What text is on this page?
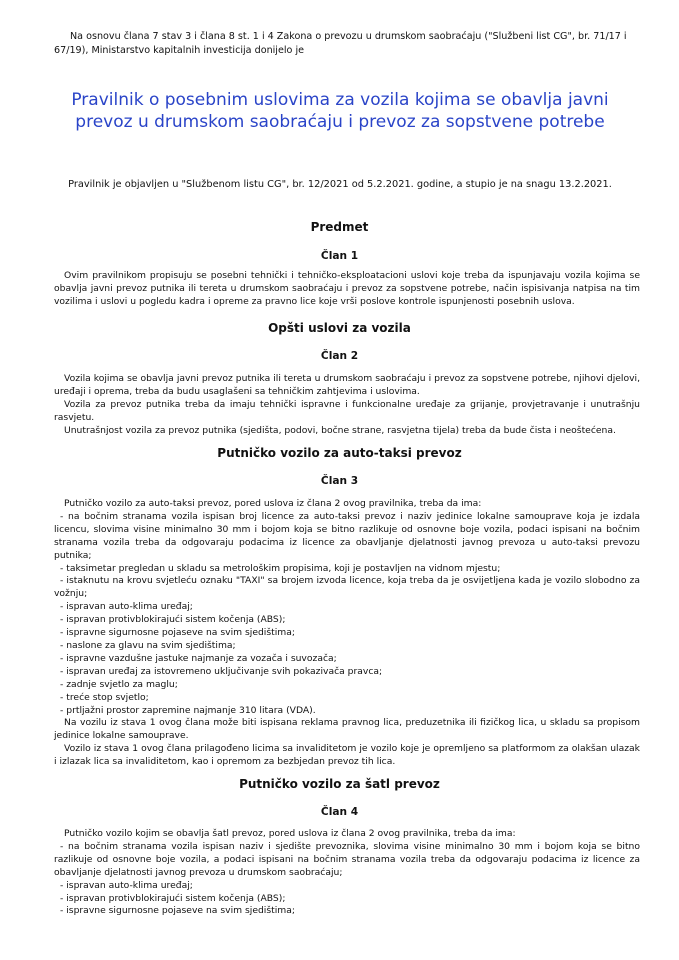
Na osnovu člana 7 stav 3 i člana 8 st. 1 i 4 Zakona o prevozu u drumskom saobraćaju ("Službeni list CG", br. 71/17 i 67/19), Ministarstvo kapitalnih investicija donijelo je

Pravilnik o posebnim uslovima za vozila kojima se obavlja javni
prevoz u drumskom saobraćaju i prevoz za sopstvene potrebe
Pravilnik je objavljen u "Službenom listu CG", br. 12/2021 od 5.2.2021. godine, a stupio je na snagu 13.2.2021.
Predmet
Član 1

Ovim pravilnikom propisuju se posebni tehnički i tehničko-eksploatacioni uslovi koje treba da ispunjavaju vozila kojima se obavlja javni prevoz putnika ili tereta u drumskom saobraćaju i prevoz za sopstvene potrebe, način ispisivanja natpisa na tim vozilima i uslovi u pogledu kadra i opreme za pravno lice koje vrši poslove kontrole ispunjenosti posebnih uslova.

Opšti uslovi za vozila
Član 2

Vozila kojima se obavlja javni prevoz putnika ili tereta u drumskom saobraćaju i prevoz za sopstvene potrebe, njihovi djelovi, uređaji i oprema, treba da budu usaglašeni sa tehničkim zahtjevima i uslovima.

Vozila za prevoz putnika treba da imaju tehnički ispravne i funkcionalne uređaje za grijanje, provjetravanje i unutrašnju rasvjetu.

Unutrašnjost vozila za prevoz putnika (sjedišta, podovi, bočne strane, rasvjetna tijela) treba da bude čista i neoštećena.

Putničko vozilo za auto-taksi prevoz
Član 3

Putničko vozilo za auto-taksi prevoz, pored uslova iz člana 2 ovog pravilnika, treba da ima:

- na bočnim stranama vozila ispisan broj licence za auto-taksi prevoz i naziv jedinice lokalne samouprave koja je izdala licencu, slovima visine minimalno 30 mm i bojom koja se bitno razlikuje od osnovne boje vozila, podaci ispisani na bočnim stranama vozila treba da odgovaraju podacima iz licence za obavljanje djelatnosti javnog prevoza u auto-taksi prevozu putnika;

- taksimetar pregledan u skladu sa metrološkim propisima, koji je postavljen na vidnom mjestu;

- istaknutu na krovu svjetleću oznaku "TAXI" sa brojem izvoda licence, koja treba da je osvijetljena kada je vozilo slobodno za vožnju;

- ispravan auto-klima uređaj;

- ispravan protivblokirajući sistem kočenja (ABS);

- ispravne sigurnosne pojaseve na svim sjedištima;

- naslone za glavu na svim sjedištima;

- ispravne vazdušne jastuke najmanje za vozača i suvozača;

- ispravan uređaj za istovremeno uključivanje svih pokazivača pravca;

- zadnje svjetlo za maglu;

- treće stop svjetlo;

- prtljažni prostor zapremine najmanje 310 litara (VDA).

Na vozilu iz stava 1 ovog člana može biti ispisana reklama pravnog lica, preduzetnika ili fizičkog lica, u skladu sa propisom jedinice lokalne samouprave.

Vozilo iz stava 1 ovog člana prilagođeno licima sa invaliditetom je vozilo koje je opremljeno sa platformom za olakšan ulazak i izlazak lica sa invaliditetom, kao i opremom za bezbjedan prevoz tih lica.

Putničko vozilo za šatl prevoz
Član 4

Putničko vozilo kojim se obavlja šatl prevoz, pored uslova iz člana 2 ovog pravilnika, treba da ima:

- na bočnim stranama vozila ispisan naziv i sjedište prevoznika, slovima visine minimalno 30 mm i bojom koja se bitno razlikuje od osnovne boje vozila, a podaci ispisani na bočnim stranama vozila treba da odgovaraju podacima iz licence za obavljanje djelatnosti javnog prevoza u drumskom saobraćaju;

- ispravan auto-klima uređaj;

- ispravan protivblokirajući sistem kočenja (ABS);

- ispravne sigurnosne pojaseve na svim sjedištima;
